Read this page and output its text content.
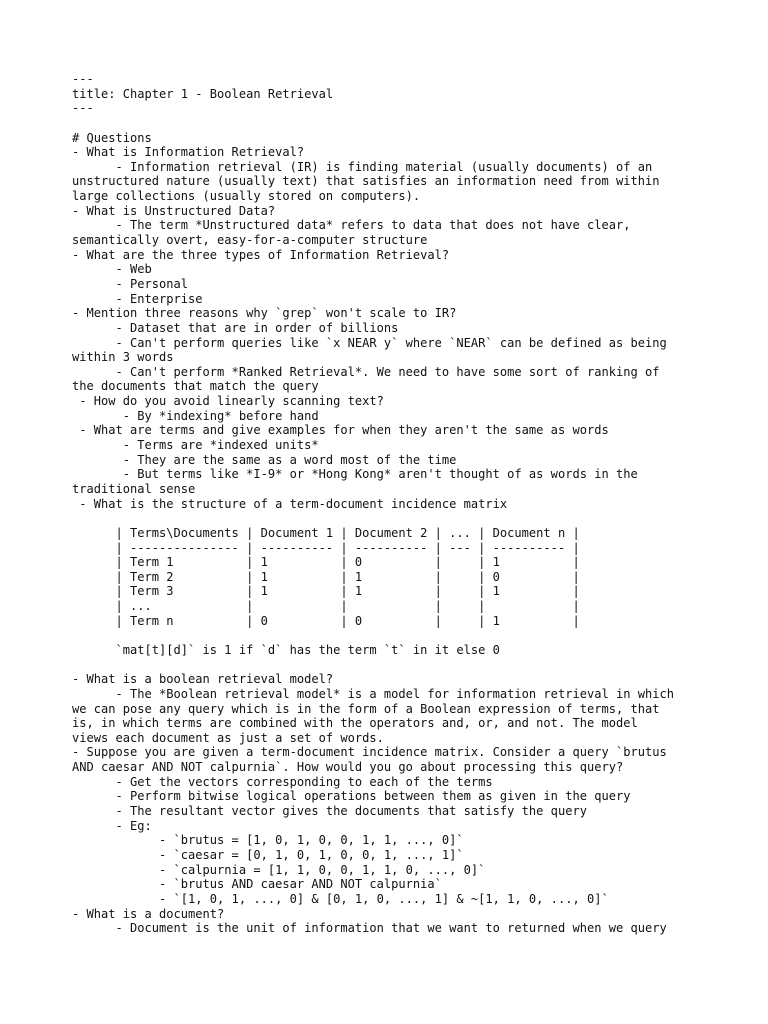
---
title: Chapter 1 - Boolean Retrieval
---

# Questions
- What is Information Retrieval?
- Information retrieval (IR) is finding material (usually documents) of an
unstructured nature (usually text) that satisfies an information need from within
large collections (usually stored on computers).
- What is Unstructured Data?
- The term *Unstructured data* refers to data that does not have clear,
semantically overt, easy-for-a-computer structure
- What are the three types of Information Retrieval?
- Web
- Personal
- Enterprise
- Mention three reasons why `grep` won't scale to IR?
- Dataset that are in order of billions
- Can't perform queries like `x NEAR y` where `NEAR` can be defined as being
within 3 words
- Can't perform *Ranked Retrieval*. We need to have some sort of ranking of
the documents that match the query
- How do you avoid linearly scanning text?
- By *indexing* before hand
- What are terms and give examples for when they aren't the same as words
- Terms are *indexed units*
- They are the same as a word most of the time
- But terms like *I-9* or *Hong Kong* aren't thought of as words in the
traditional sense
- What is the structure of a term-document incidence matrix

| Terms\Documents | Document 1 | Document 2 | ... | Document n |
| --------------- | ---------- | ---------- | --- | ---------- |
| Term 1          | 1          | 0          |     | 1          |
| Term 2          | 1          | 1          |     | 0          |
| Term 3          | 1          | 1          |     | 1          |
| ...             |            |            |     |            |
| Term n          | 0          | 0          |     | 1          |

`mat[t][d]` is 1 if `d` has the term `t` in it else 0

- What is a boolean retrieval model?
- The *Boolean retrieval model* is a model for information retrieval in which
we can pose any query which is in the form of a Boolean expression of terms, that
is, in which terms are combined with the operators and, or, and not. The model
views each document as just a set of words.
- Suppose you are given a term-document incidence matrix. Consider a query `brutus
AND caesar AND NOT calpurnia`. How would you go about processing this query?
- Get the vectors corresponding to each of the terms
- Perform bitwise logical operations between them as given in the query
- The resultant vector gives the documents that satisfy the query
- Eg:
- `brutus = [1, 0, 1, 0, 0, 1, 1, ..., 0]`
- `caesar = [0, 1, 0, 1, 0, 0, 1, ..., 1]`
- `calpurnia = [1, 1, 0, 0, 1, 1, 0, ..., 0]`
- `brutus AND caesar AND NOT calpurnia`
- `[1, 0, 1, ..., 0] & [0, 1, 0, ..., 1] & ~[1, 1, 0, ..., 0]`
- What is a document?
- Document is the unit of information that we want to returned when we query
